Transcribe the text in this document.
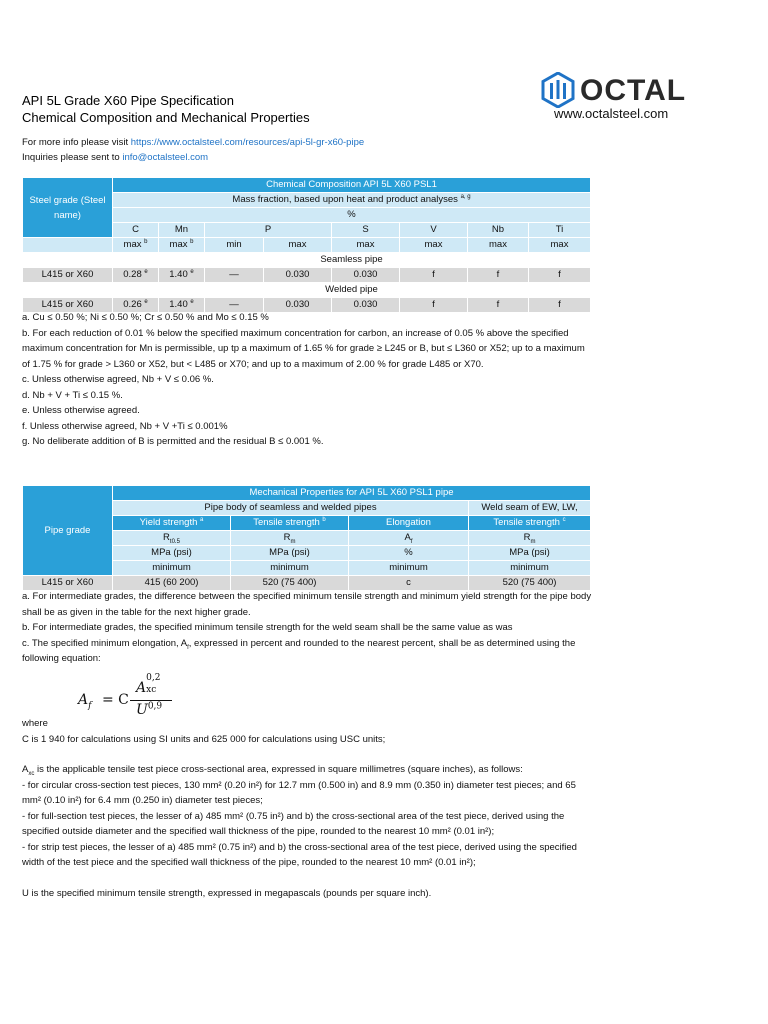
API 5L Grade X60 Pipe Specification
Chemical Composition and Mechanical Properties
OCTAL
www.octalsteel.com
For more info please visit https://www.octalsteel.com/resources/api-5l-gr-x60-pipe
Inquiries please sent to info@octalsteel.com
Steel grade (Steel name)	Chemical Composition API 5L X60 PSL1							
	Mass fraction, based upon heat and product analyses $^{a, g}$
	%							
	C	Mn	P		S	V	Nb	Ti
	max $^b$	max $^b$	min	max	max	max	max	max
	Seamless pipe							
L415 or X60	0.28 $^e$	1.40 $^e$	—	0.030	0.030	f	f	f
	Welded pipe							
L415 or X60	0.26 $^e$	1.40 $^e$	—	0.030	0.030	f	f	f

a. Cu ≤ 0.50 %; Ni ≤ 0.50 %; Cr ≤ 0.50 % and Mo ≤ 0.15 %

b. For each reduction of 0.01 % below the specified maximum concentration for carbon, an increase of 0.05 % above the specified maximum concentration for Mn is permissible, up tp a maximum of 1.65 % for grade ≥ L245 or B, but ≤ L360 or X52; up to a maximum of 1.75 % for grade > L360 or X52, but < L485 or X70; and up to a maximum of 2.00 % for grade L485 or X70.

c. Unless otherwise agreed, Nb + V ≤ 0.06 %.

d. Nb + V + Ti ≤ 0.15 %.

e. Unless otherwise agreed.

f. Unless otherwise agreed, Nb + V +Ti ≤ 0.001%

g. No deliberate addition of B is permitted and the residual B ≤ 0.001 %.

Pipe grade	Mechanical Properties for API 5L X60 PSL1 pipe			
	Pipe body of seamless and welded pipes			Weld seam of EW, LW,
	Yield strength $^a$	Tensile strength $^b$	Elongation	Tensile strength $^c$
	$R_{t0.5}$	$R_m$	$A_f$	$R_m$
	MPa (psi)	MPa (psi)	%	MPa (psi)
	minimum	minimum	minimum	minimum
L415 or X60	415 (60 200)	520 (75 400)	c	520 (75 400)

a. For intermediate grades, the difference between the specified minimum tensile strength and minimum yield strength for the pipe body shall be as given in the table for the next higher grade.

b. For intermediate grades, the specified minimum tensile strength for the weld seam shall be the same value as was

c. The specified minimum elongation, $A_f$, expressed in percent and rounded to the nearest percent, shall be as determined using the following equation:

$A_f = C$
A
0,2
xc
U$^{0,9}$

where

C is 1 940 for calculations using SI units and 625 000 for calculations using USC units;

$A_{xc}$ is the applicable tensile test piece cross-sectional area, expressed in square millimetres (square inches), as follows:

- for circular cross-section test pieces, 130 mm² (0.20 in²) for 12.7 mm (0.500 in) and 8.9 mm (0.350 in) diameter test pieces; and 65 mm² (0.10 in²) for 6.4 mm (0.250 in) diameter test pieces;

- for full-section test pieces, the lesser of a) 485 mm² (0.75 in²) and b) the cross-sectional area of the test piece, derived using the specified outside diameter and the specified wall thickness of the pipe, rounded to the nearest 10 mm² (0.01 in²);

- for strip test pieces, the lesser of a) 485 mm² (0.75 in²) and b) the cross-sectional area of the test piece, derived using the specified width of the test piece and the specified wall thickness of the pipe, rounded to the nearest 10 mm² (0.01 in²);

U is the specified minimum tensile strength, expressed in megapascals (pounds per square inch).
